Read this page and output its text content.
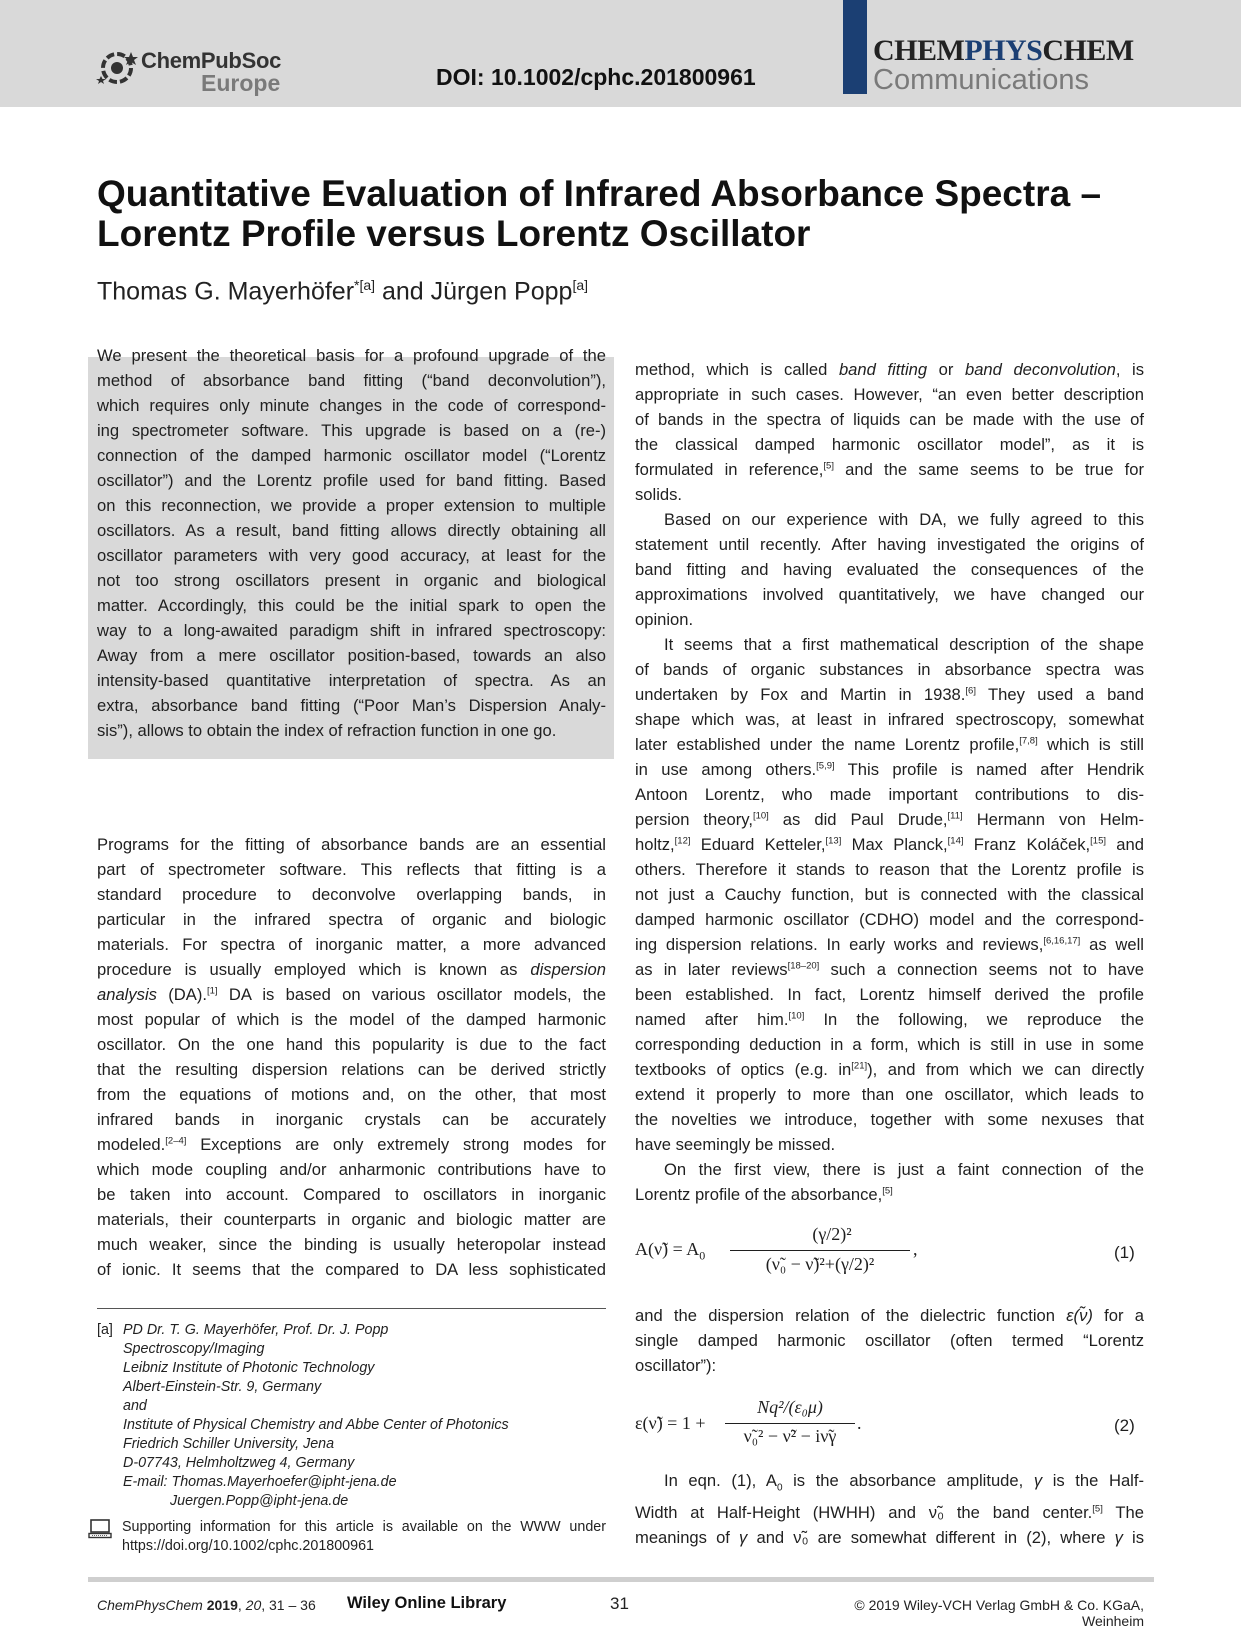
ChemPubSoc
Europe	DOI: 10.1002/cphc.201800961
CHEMPHYSCHEM
Communications
Quantitative Evaluation of Infrared Absorbance Spectra –
Lorentz Profile versus Lorentz Oscillator
Thomas G. Mayerhöfer$^{*[a]}$ and Jürgen Popp[a]
We present the theoretical basis for a profound upgrade of the
method of absorbance band fitting (“band deconvolution”),
which requires only minute changes in the code of correspond-
ing spectrometer software. This upgrade is based on a (re-)
connection of the damped harmonic oscillator model (“Lorentz
oscillator”) and the Lorentz profile used for band fitting. Based
on this reconnection, we provide a proper extension to multiple
oscillators. As a result, band fitting allows directly obtaining all
oscillator parameters with very good accuracy, at least for the
not too strong oscillators present in organic and biological
matter. Accordingly, this could be the initial spark to open the
way to a long-awaited paradigm shift in infrared spectroscopy:
Away from a mere oscillator position-based, towards an also
intensity-based quantitative interpretation of spectra. As an
extra, absorbance band fitting (“Poor Man’s Dispersion Analy-
sis”), allows to obtain the index of refraction function in one go.
Programs for the fitting of absorbance bands are an essential
part of spectrometer software. This reflects that fitting is a
standard procedure to deconvolve overlapping bands, in
particular in the infrared spectra of organic and biologic
materials. For spectra of inorganic matter, a more advanced
procedure is usually employed which is known as dispersion
analysis (DA).[1] DA is based on various oscillator models, the
most popular of which is the model of the damped harmonic
oscillator. On the one hand this popularity is due to the fact
that the resulting dispersion relations can be derived strictly
from the equations of motions and, on the other, that most
infrared bands in inorganic crystals can be accurately
modeled.[2–4] Exceptions are only extremely strong modes for
which mode coupling and/or anharmonic contributions have to
be taken into account. Compared to oscillators in inorganic
materials, their counterparts in organic and biologic matter are
much weaker, since the binding is usually heteropolar instead
of ionic. It seems that the compared to DA less sophisticated
[a] PD Dr. T. G. Mayerhöfer, Prof. Dr. J. Popp
Spectroscopy/Imaging
Leibniz Institute of Photonic Technology
Albert-Einstein-Str. 9, Germany
and
Institute of Physical Chemistry and Abbe Center of Photonics
Friedrich Schiller University, Jena
D-07743, Helmholtzweg 4, Germany
E-mail: Thomas.Mayerhoefer@ipht-jena.de
Juergen.Popp@ipht-jena.de
Supporting information for this article is available on the WWW under
https://doi.org/10.1002/cphc.201800961
method, which is called band fitting or band deconvolution, is
appropriate in such cases. However, “an even better description
of bands in the spectra of liquids can be made with the use of
the classical damped harmonic oscillator model”, as it is
formulated in reference,[5] and the same seems to be true for
solids.
Based on our experience with DA, we fully agreed to this
statement until recently. After having investigated the origins of
band fitting and having evaluated the consequences of the
approximations involved quantitatively, we have changed our
opinion.
It seems that a first mathematical description of the shape
of bands of organic substances in absorbance spectra was
undertaken by Fox and Martin in 1938.[6] They used a band
shape which was, at least in infrared spectroscopy, somewhat
later established under the name Lorentz profile,[7,8] which is still
in use among others.[5,9] This profile is named after Hendrik
Antoon Lorentz, who made important contributions to dis-
persion theory,[10] as did Paul Drude,[11] Hermann von Helm-
holtz,[12] Eduard Ketteler,[13] Max Planck,[14] Franz Koláček,[15] and
others. Therefore it stands to reason that the Lorentz profile is
not just a Cauchy function, but is connected with the classical
damped harmonic oscillator (CDHO) model and the correspond-
ing dispersion relations. In early works and reviews,[6,16,17] as well
as in later reviews[18–20] such a connection seems not to have
been established. In fact, Lorentz himself derived the profile
named after him.[10] In the following, we reproduce the
corresponding deduction in a form, which is still in use in some
textbooks of optics (e.g. in[21]), and from which we can directly
extend it properly to more than one oscillator, which leads to
the novelties we introduce, together with some nexuses that
have seemingly be missed.
On the first view, there is just a faint connection of the
Lorentz profile of the absorbance,[5]
A(ν̃) = $A_0$
(γ/2)²
(ν̃₀ − ν̃)²+(γ/2)²
,	(1)
and the dispersion relation of the dielectric function ε(ν̃) for a
single damped harmonic oscillator (often termed “Lorentz
oscillator”):
ε(ν̃) = 1 +
Nq²/(ε₀μ)
ν̃₀² − ν̃² − iν̃γ
.	(2)
In eqn. (1), $A_0$ is the absorbance amplitude, γ is the Half-
Width at Half-Height (HWHH) and ν̃₀ the band center.[5] The
meanings of γ and ν̃₀ are somewhat different in (2), where γ is
ChemPhysChem 2019, 20, 31 – 36 Wiley Online Library	31	© 2019 Wiley-VCH Verlag GmbH & Co. KGaA, Weinheim
